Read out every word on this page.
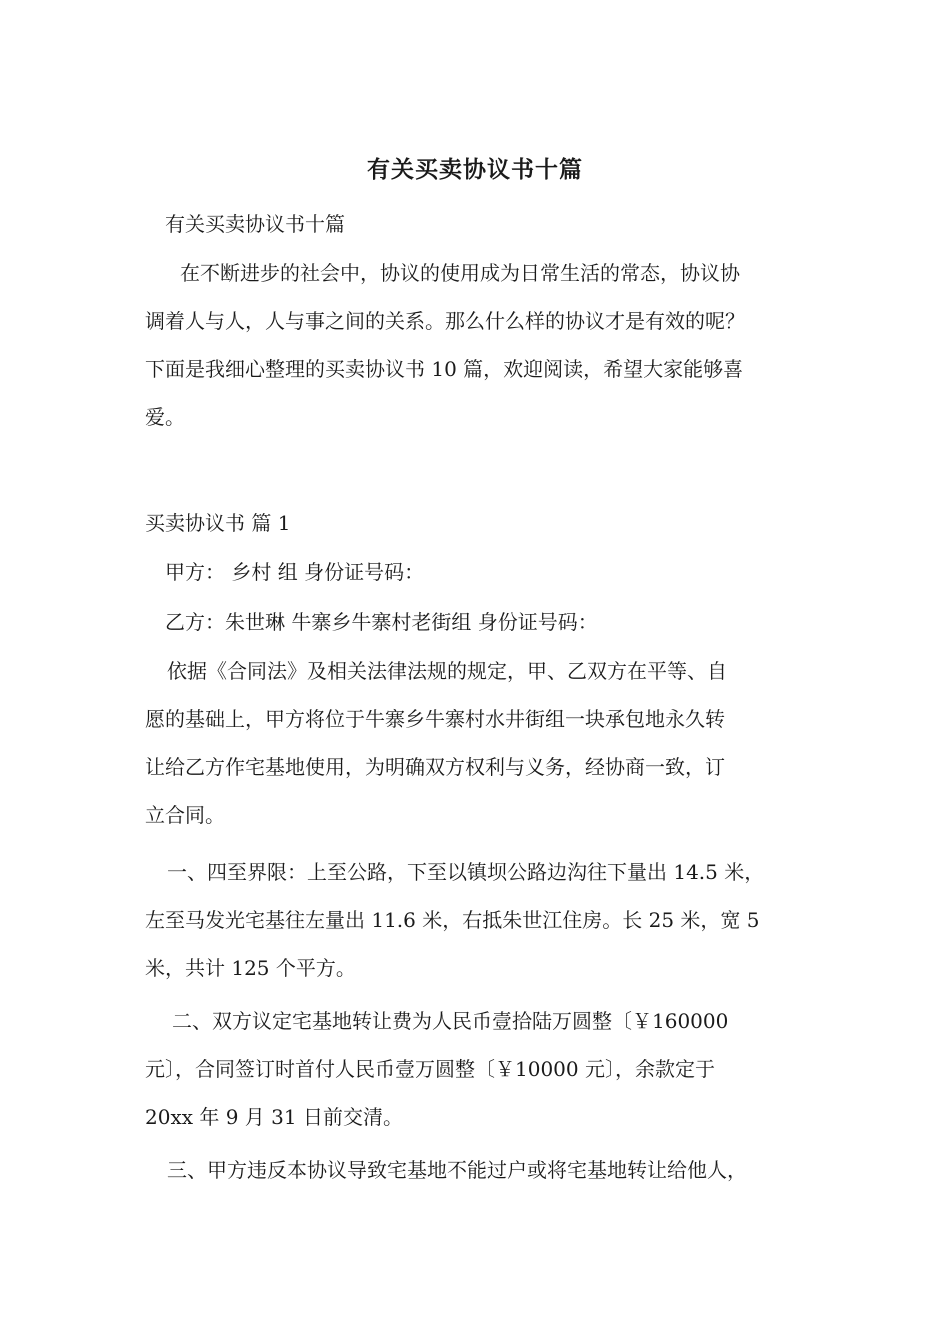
有关买卖协议书十篇

有关买卖协议书十篇

在不断进步的社会中，协议的使用成为日常生活的常态，协议协
调着人与人，人与事之间的关系。那么什么样的协议才是有效的呢？
下面是我细心整理的买卖协议书 10 篇，欢迎阅读，希望大家能够喜
爱。

买卖协议书 篇 1

甲方： 乡村 组 身份证号码：

乙方：朱世琳 牛寨乡牛寨村老街组 身份证号码：

依据《合同法》及相关法律法规的规定，甲、乙双方在平等、自
愿的基础上，甲方将位于牛寨乡牛寨村水井街组一块承包地永久转
让给乙方作宅基地使用，为明确双方权利与义务，经协商一致，订
立合同。

一、四至界限：上至公路，下至以镇坝公路边沟往下量出 14.5 米，
左至马发光宅基往左量出 11.6 米，右抵朱世江住房。长 25 米，宽 5
米，共计 125 个平方。

二、双方议定宅基地转让费为人民币壹拾陆万圆整〔￥160000
元〕，合同签订时首付人民币壹万圆整〔￥10000 元〕，余款定于
20xx 年 9 月 31 日前交清。

三、甲方违反本协议导致宅基地不能过户或将宅基地转让给他人，
